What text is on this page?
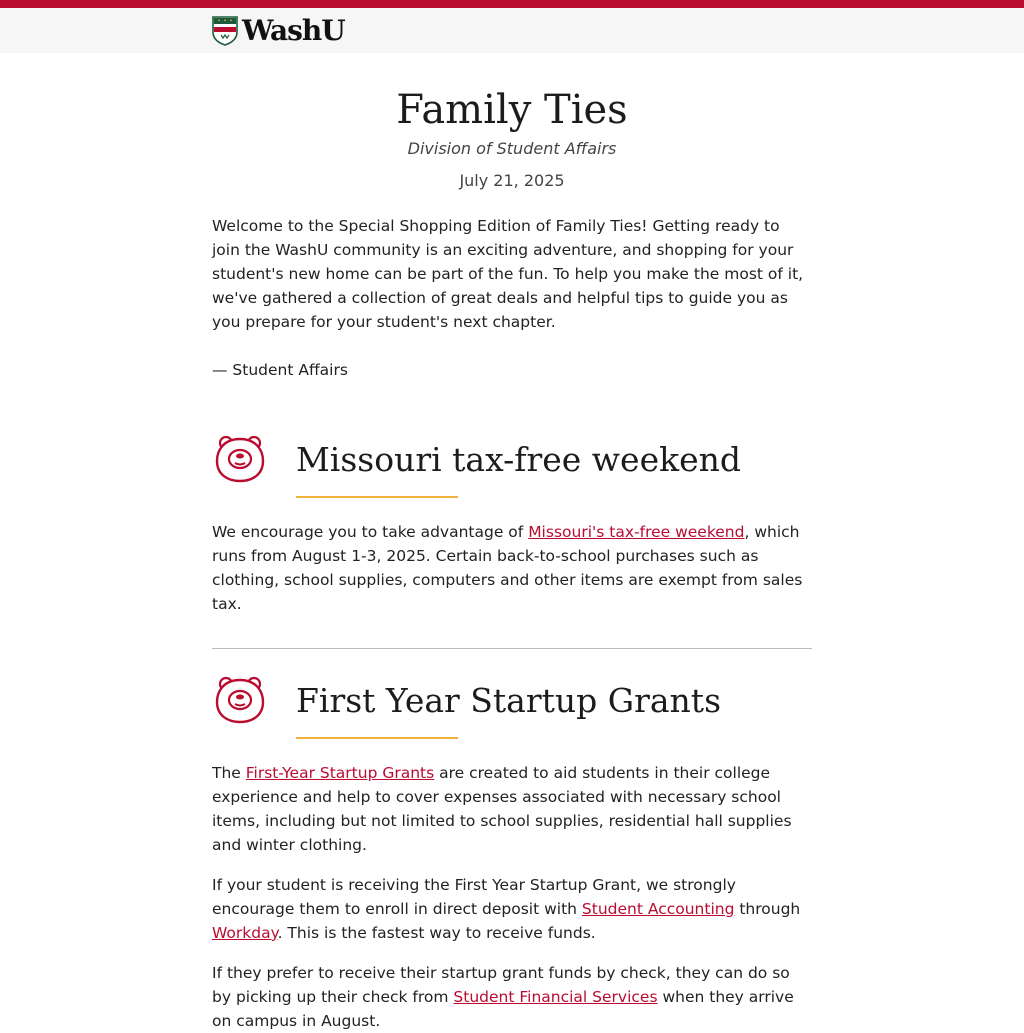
WashU
Family Ties
Division of Student Affairs
July 21, 2025

Welcome to the Special Shopping Edition of Family Ties! Getting ready to join the WashU community is an exciting adventure, and shopping for your student's new home can be part of the fun. To help you make the most of it, we've gathered a collection of great deals and helpful tips to guide you as you prepare for your student's next chapter.

— Student Affairs

Missouri tax-free weekend

We encourage you to take advantage of Missouri's tax-free weekend, which runs from August 1-3, 2025. Certain back-to-school purchases such as clothing, school supplies, computers and other items are exempt from sales tax.

First Year Startup Grants

The First-Year Startup Grants are created to aid students in their college experience and help to cover expenses associated with necessary school items, including but not limited to school supplies, residential hall supplies and winter clothing.

If your student is receiving the First Year Startup Grant, we strongly encourage them to enroll in direct deposit with Student Accounting through Workday. This is the fastest way to receive funds.

If they prefer to receive their startup grant funds by check, they can do so by picking up their check from Student Financial Services when they arrive on campus in August.
